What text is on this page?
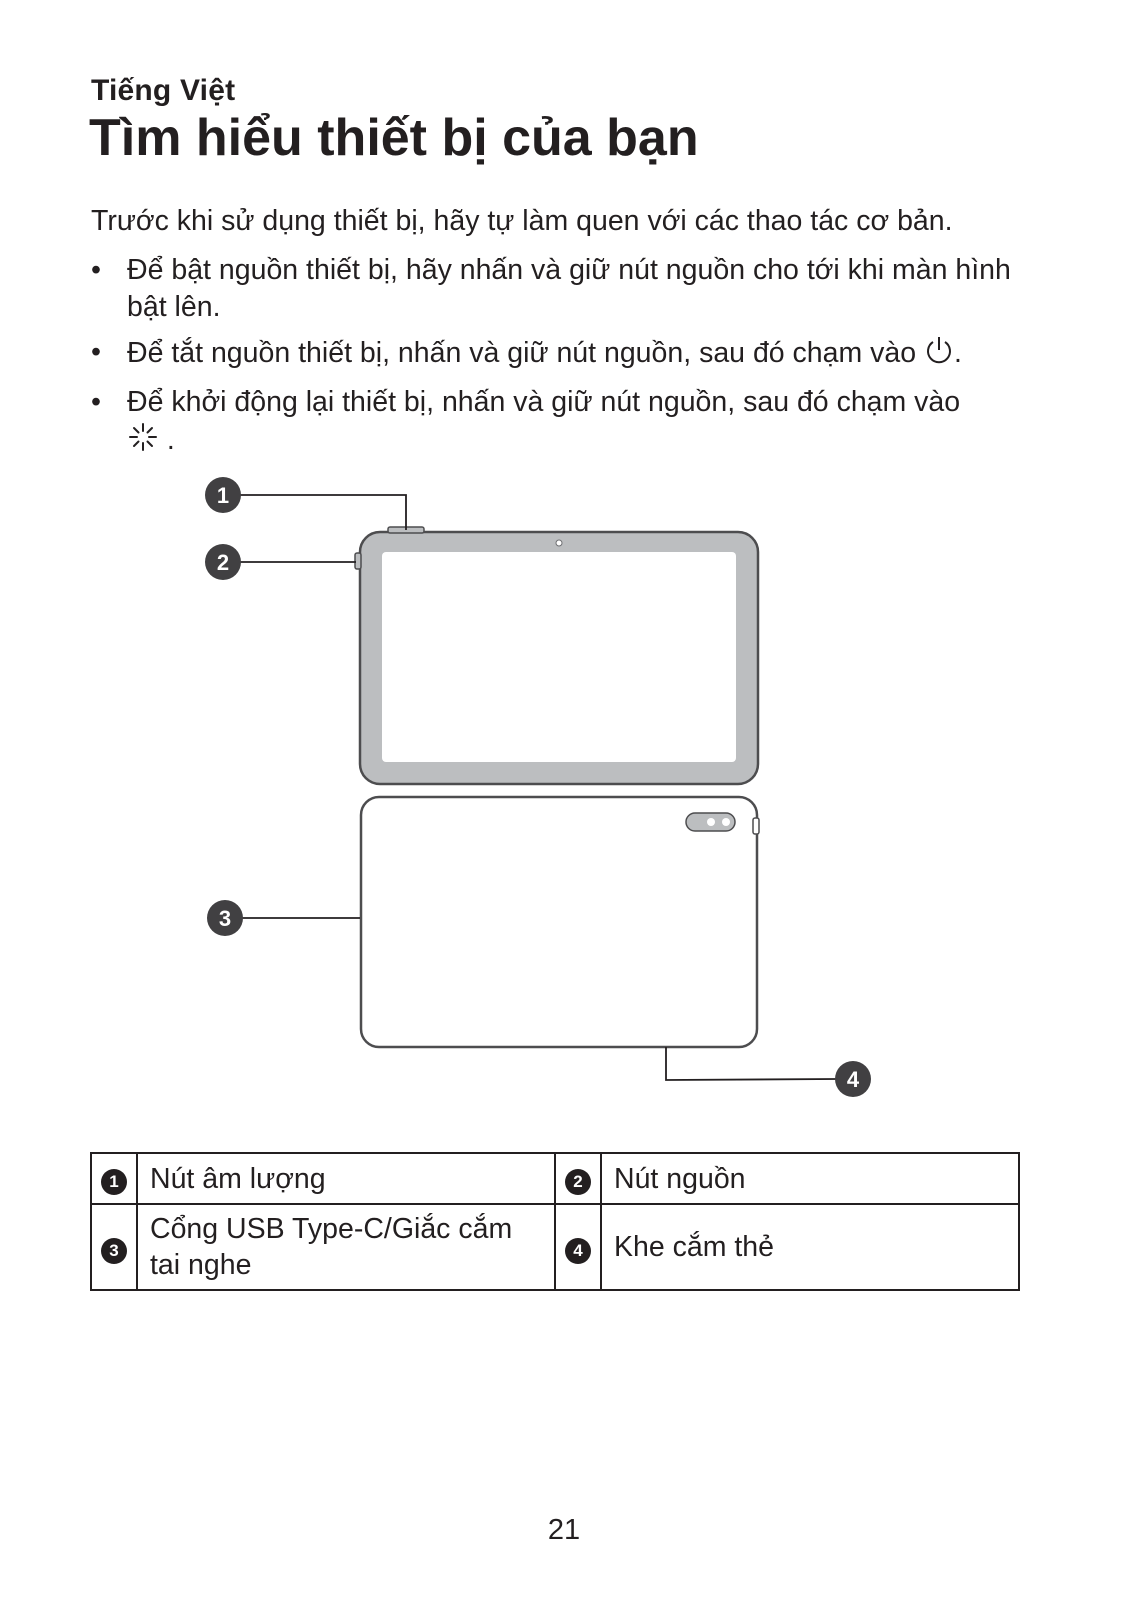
Tiếng Việt
Tìm hiểu thiết bị của bạn
Trước khi sử dụng thiết bị, hãy tự làm quen với các thao tác cơ bản.
• Để bật nguồn thiết bị, hãy nhấn và giữ nút nguồn cho tới khi màn hình bật lên.
• Để tắt nguồn thiết bị, nhấn và giữ nút nguồn, sau đó chạm vào .
• Để khởi động lại thiết bị, nhấn và giữ nút nguồn, sau đó chạm vào
.
1
2
3
4
1	Nút âm lượng	2	Nút nguồn
3	Cổng USB Type-C/Giắc cắm tai nghe	4	Khe cắm thẻ
21
